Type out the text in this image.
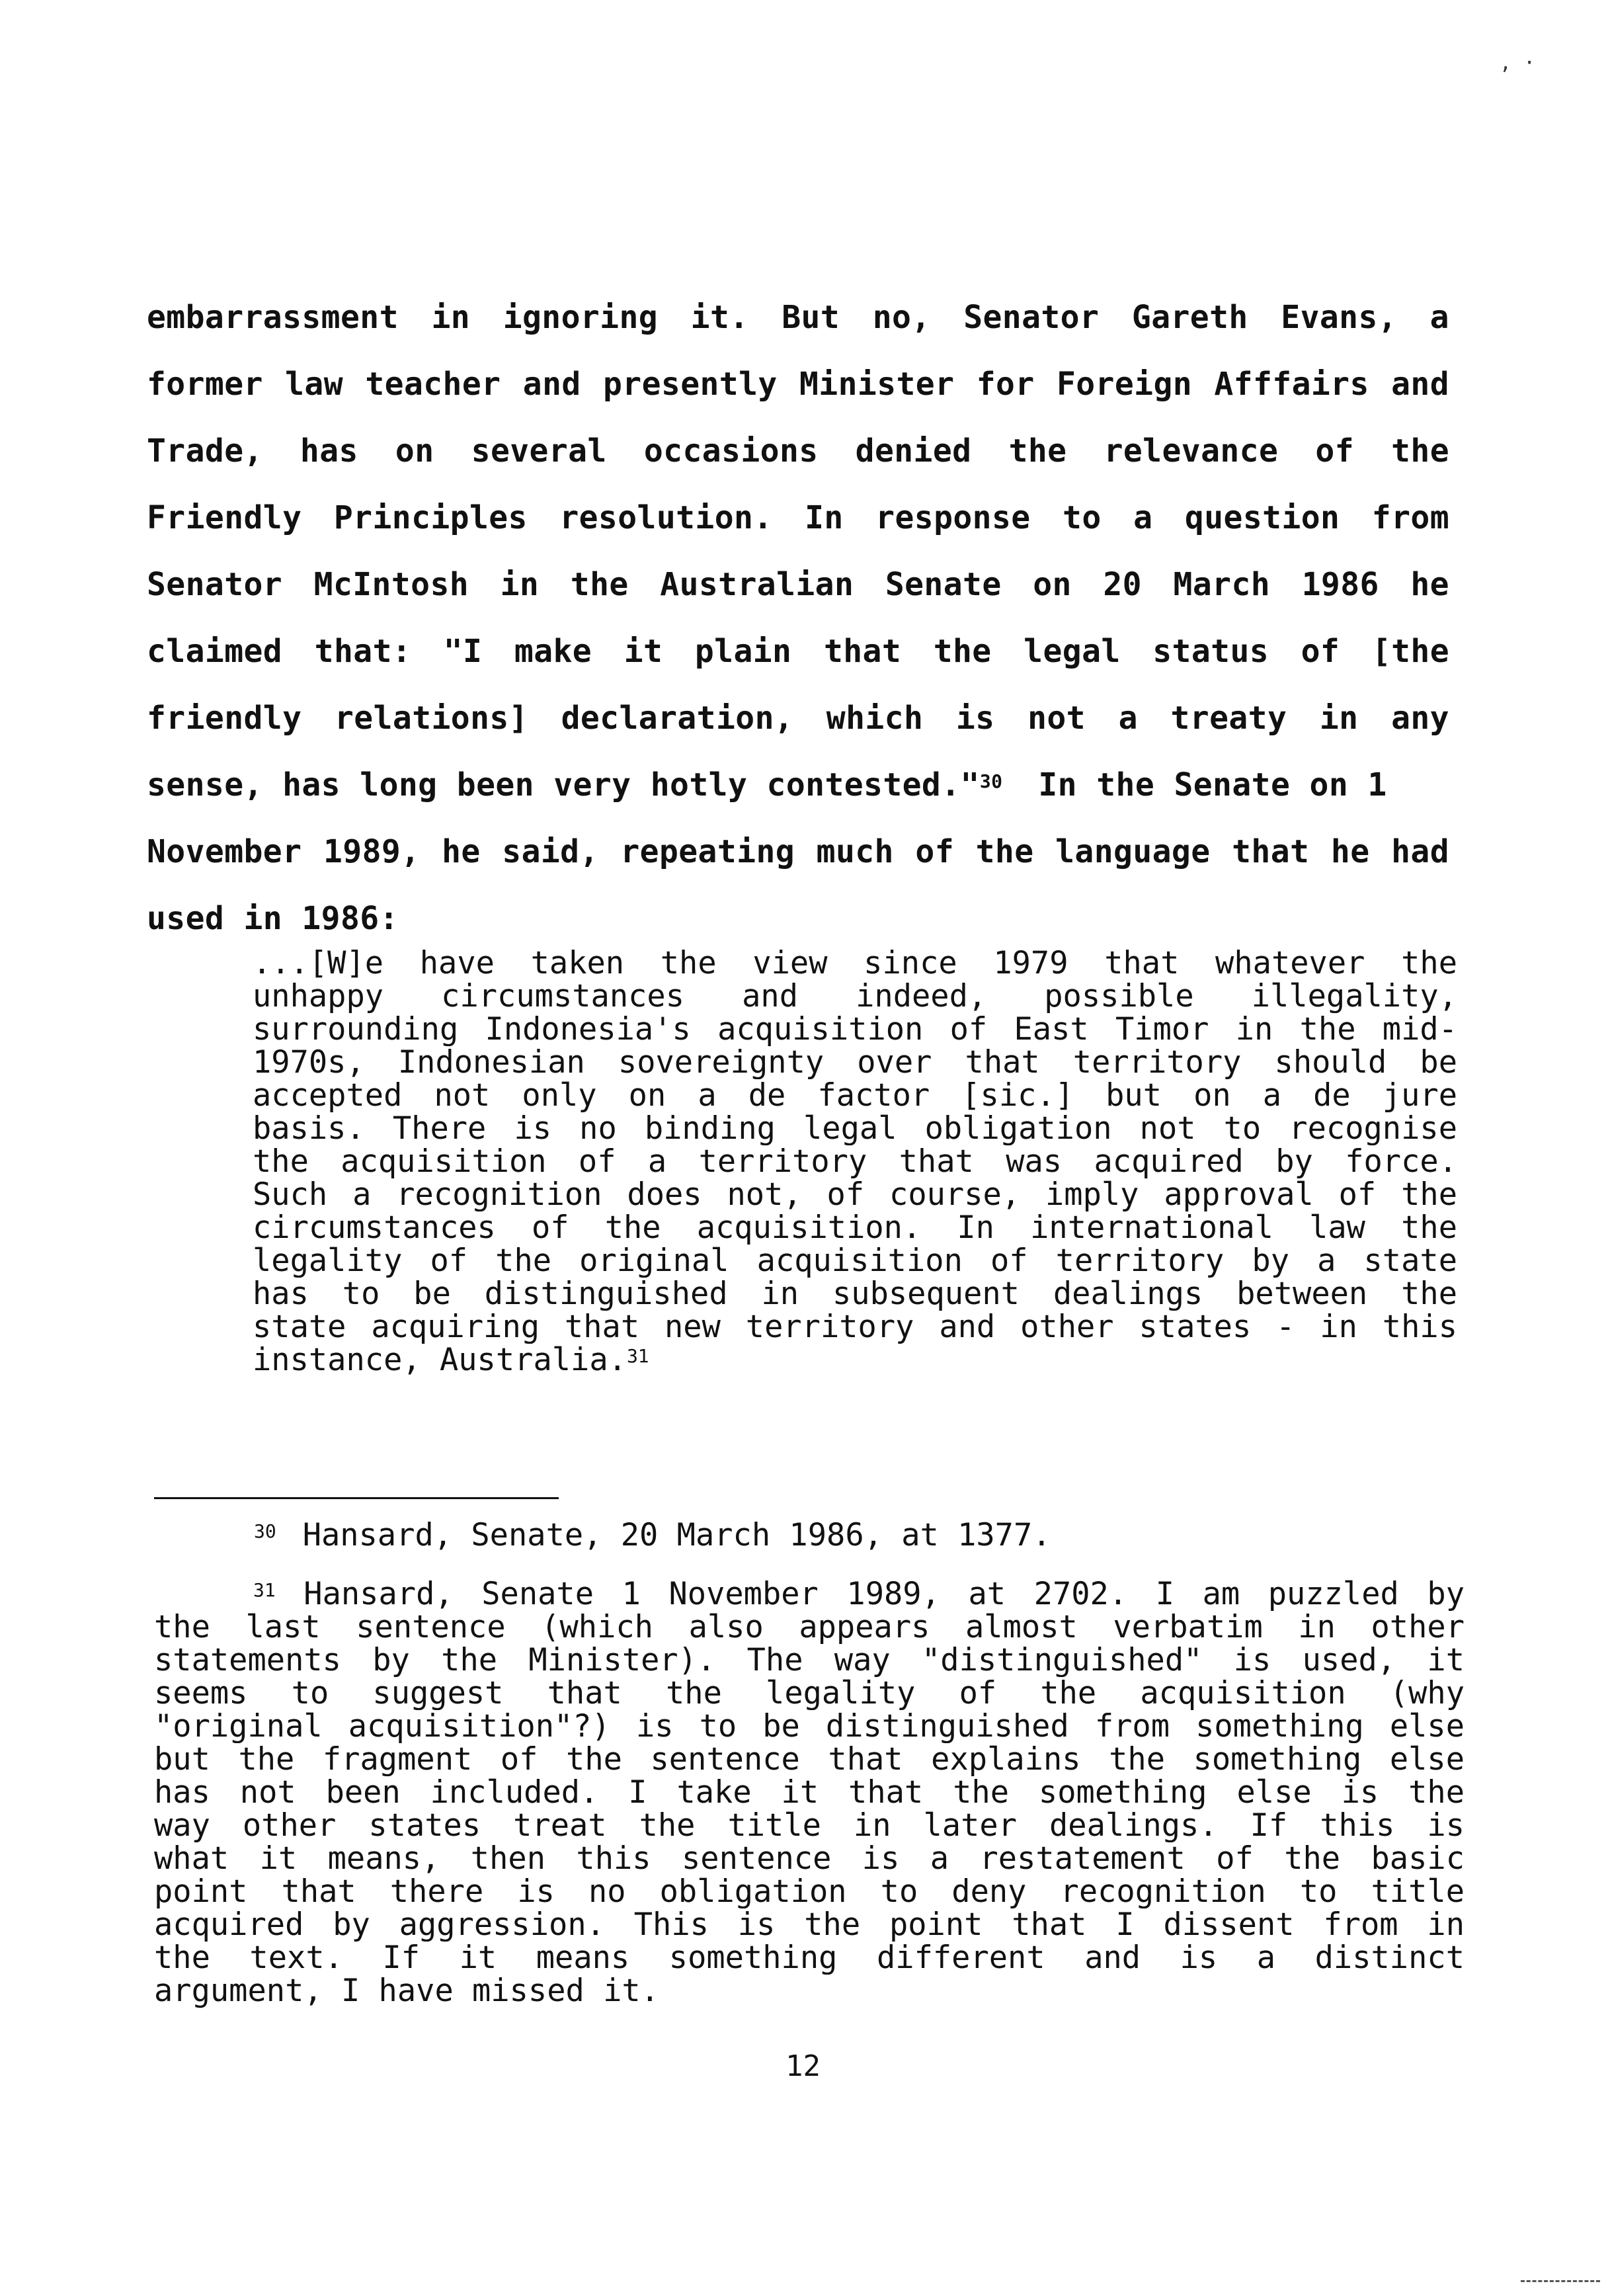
, ·
embarrassment in ignoring it. But no, Senator Gareth Evans, a
former law teacher and presently Minister for Foreign Afffairs and
Trade, has on several occasions denied the relevance of the
Friendly Principles resolution. In response to a question from
Senator McIntosh in the Australian Senate on 20 March 1986 he
claimed that: "I make it plain that the legal status of [the
friendly relations] declaration, which is not a treaty in any
sense, has long been very hotly contested."$^{30}$ In the Senate on 1
November 1989, he said, repeating much of the language that he had
used in 1986:
...[W]e have taken the view since 1979 that whatever the
unhappy circumstances and indeed, possible illegality,
surrounding Indonesia's acquisition of East Timor in the mid-
1970s, Indonesian sovereignty over that territory should be
accepted not only on a de factor [sic.] but on a de jure
basis. There is no binding legal obligation not to recognise
the acquisition of a territory that was acquired by force.
Such a recognition does not, of course, imply approval of the
circumstances of the acquisition. In international law the
legality of the original acquisition of territory by a state
has to be distinguished in subsequent dealings between the
state acquiring that new territory and other states - in this
instance, Australia.$^{31}$
$^{30}$ Hansard, Senate, 20 March 1986, at 1377.
$^{31}$ Hansard, Senate 1 November 1989, at 2702. I am puzzled by
the last sentence (which also appears almost verbatim in other
statements by the Minister). The way "distinguished" is used, it
seems to suggest that the legality of the acquisition (why
"original acquisition"?) is to be distinguished from something else
but the fragment of the sentence that explains the something else
has not been included. I take it that the something else is the
way other states treat the title in later dealings. If this is
what it means, then this sentence is a restatement of the basic
point that there is no obligation to deny recognition to title
acquired by aggression. This is the point that I dissent from in
the text. If it means something different and is a distinct
argument, I have missed it.
12
